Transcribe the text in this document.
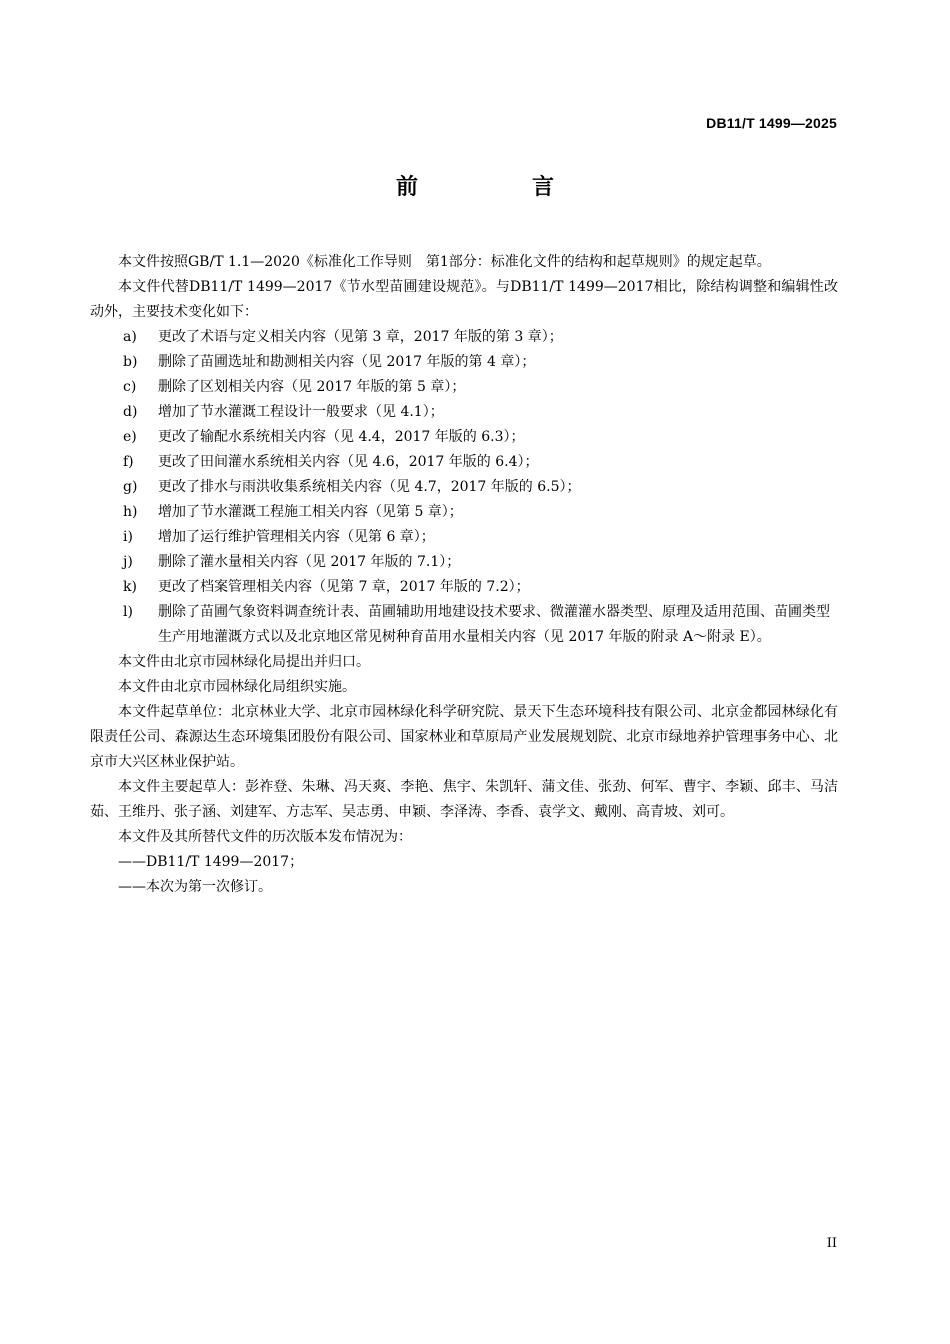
DB11/T 1499—2025
前　言

本文件按照GB/T 1.1—2020《标准化工作导则　第1部分：标准化文件的结构和起草规则》的规定起草。

本文件代替DB11/T 1499—2017《节水型苗圃建设规范》。与DB11/T 1499—2017相比，除结构调整和编辑性改动外，主要技术变化如下：

a)	更改了术语与定义相关内容（见第 3 章，2017 年版的第 3 章）；
b)	删除了苗圃选址和勘测相关内容（见 2017 年版的第 4 章）；
c)	删除了区划相关内容（见 2017 年版的第 5 章）；
d)	增加了节水灌溉工程设计一般要求（见 4.1）；
e)	更改了输配水系统相关内容（见 4.4，2017 年版的 6.3）；
f)	更改了田间灌水系统相关内容（见 4.6，2017 年版的 6.4）；
g)	更改了排水与雨洪收集系统相关内容（见 4.7，2017 年版的 6.5）；
h)	增加了节水灌溉工程施工相关内容（见第 5 章）；
i)	增加了运行维护管理相关内容（见第 6 章）；
j)	删除了灌水量相关内容（见 2017 年版的 7.1）；
k)	更改了档案管理相关内容（见第 7 章，2017 年版的 7.2）；
l)	删除了苗圃气象资料调查统计表、苗圃辅助用地建设技术要求、微灌灌水器类型、原理及适用范围、苗圃类型生产用地灌溉方式以及北京地区常见树种育苗用水量相关内容（见 2017 年版的附录 A～附录 E）。

本文件由北京市园林绿化局提出并归口。

本文件由北京市园林绿化局组织实施。

本文件起草单位：北京林业大学、北京市园林绿化科学研究院、景天下生态环境科技有限公司、北京金都园林绿化有限责任公司、森源达生态环境集团股份有限公司、国家林业和草原局产业发展规划院、北京市绿地养护管理事务中心、北京市大兴区林业保护站。

本文件主要起草人：彭祚登、朱琳、冯天爽、李艳、焦宇、朱凯轩、蒲文佳、张劲、何军、曹宇、李颖、邱丰、马洁茹、王维丹、张子涵、刘建军、方志军、吴志勇、申颖、李泽涛、李香、袁学文、戴刚、高青坡、刘可。

本文件及其所替代文件的历次版本发布情况为：

——DB11/T 1499—2017；

——本次为第一次修订。

II
